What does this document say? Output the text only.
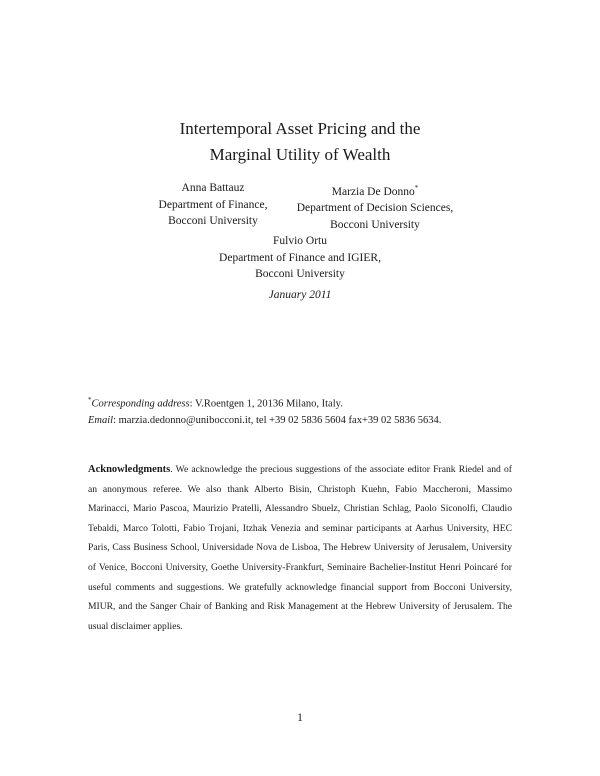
Intertemporal Asset Pricing and the
Marginal Utility of Wealth
Anna Battauz
Department of Finance,
Bocconi University
Marzia De Donno*
Department of Decision Sciences,
Bocconi University
Fulvio Ortu
Department of Finance and IGIER,
Bocconi University
January 2011
*Corresponding address: V.Roentgen 1, 20136 Milano, Italy.
Email: marzia.dedonno@unibocconi.it, tel +39 02 5836 5604 fax+39 02 5836 5634.
Acknowledgments. We acknowledge the precious suggestions of the associate editor Frank Riedel and of an anonymous referee. We also thank Alberto Bisin, Christoph Kuehn, Fabio Maccheroni, Massimo Marinacci, Mario Pascoa, Maurizio Pratelli, Alessandro Sbuelz, Christian Schlag, Paolo Siconolfi, Claudio Tebaldi, Marco Tolotti, Fabio Trojani, Itzhak Venezia and seminar participants at Aarhus University, HEC Paris, Cass Business School, Universidade Nova de Lisboa, The Hebrew University of Jerusalem, University of Venice, Bocconi University, Goethe University-Frankfurt, Seminaire Bachelier-Institut Henri Poincaré for useful comments and suggestions. We gratefully acknowledge financial support from Bocconi University, MIUR, and the Sanger Chair of Banking and Risk Management at the Hebrew University of Jerusalem. The usual disclaimer applies.
1
